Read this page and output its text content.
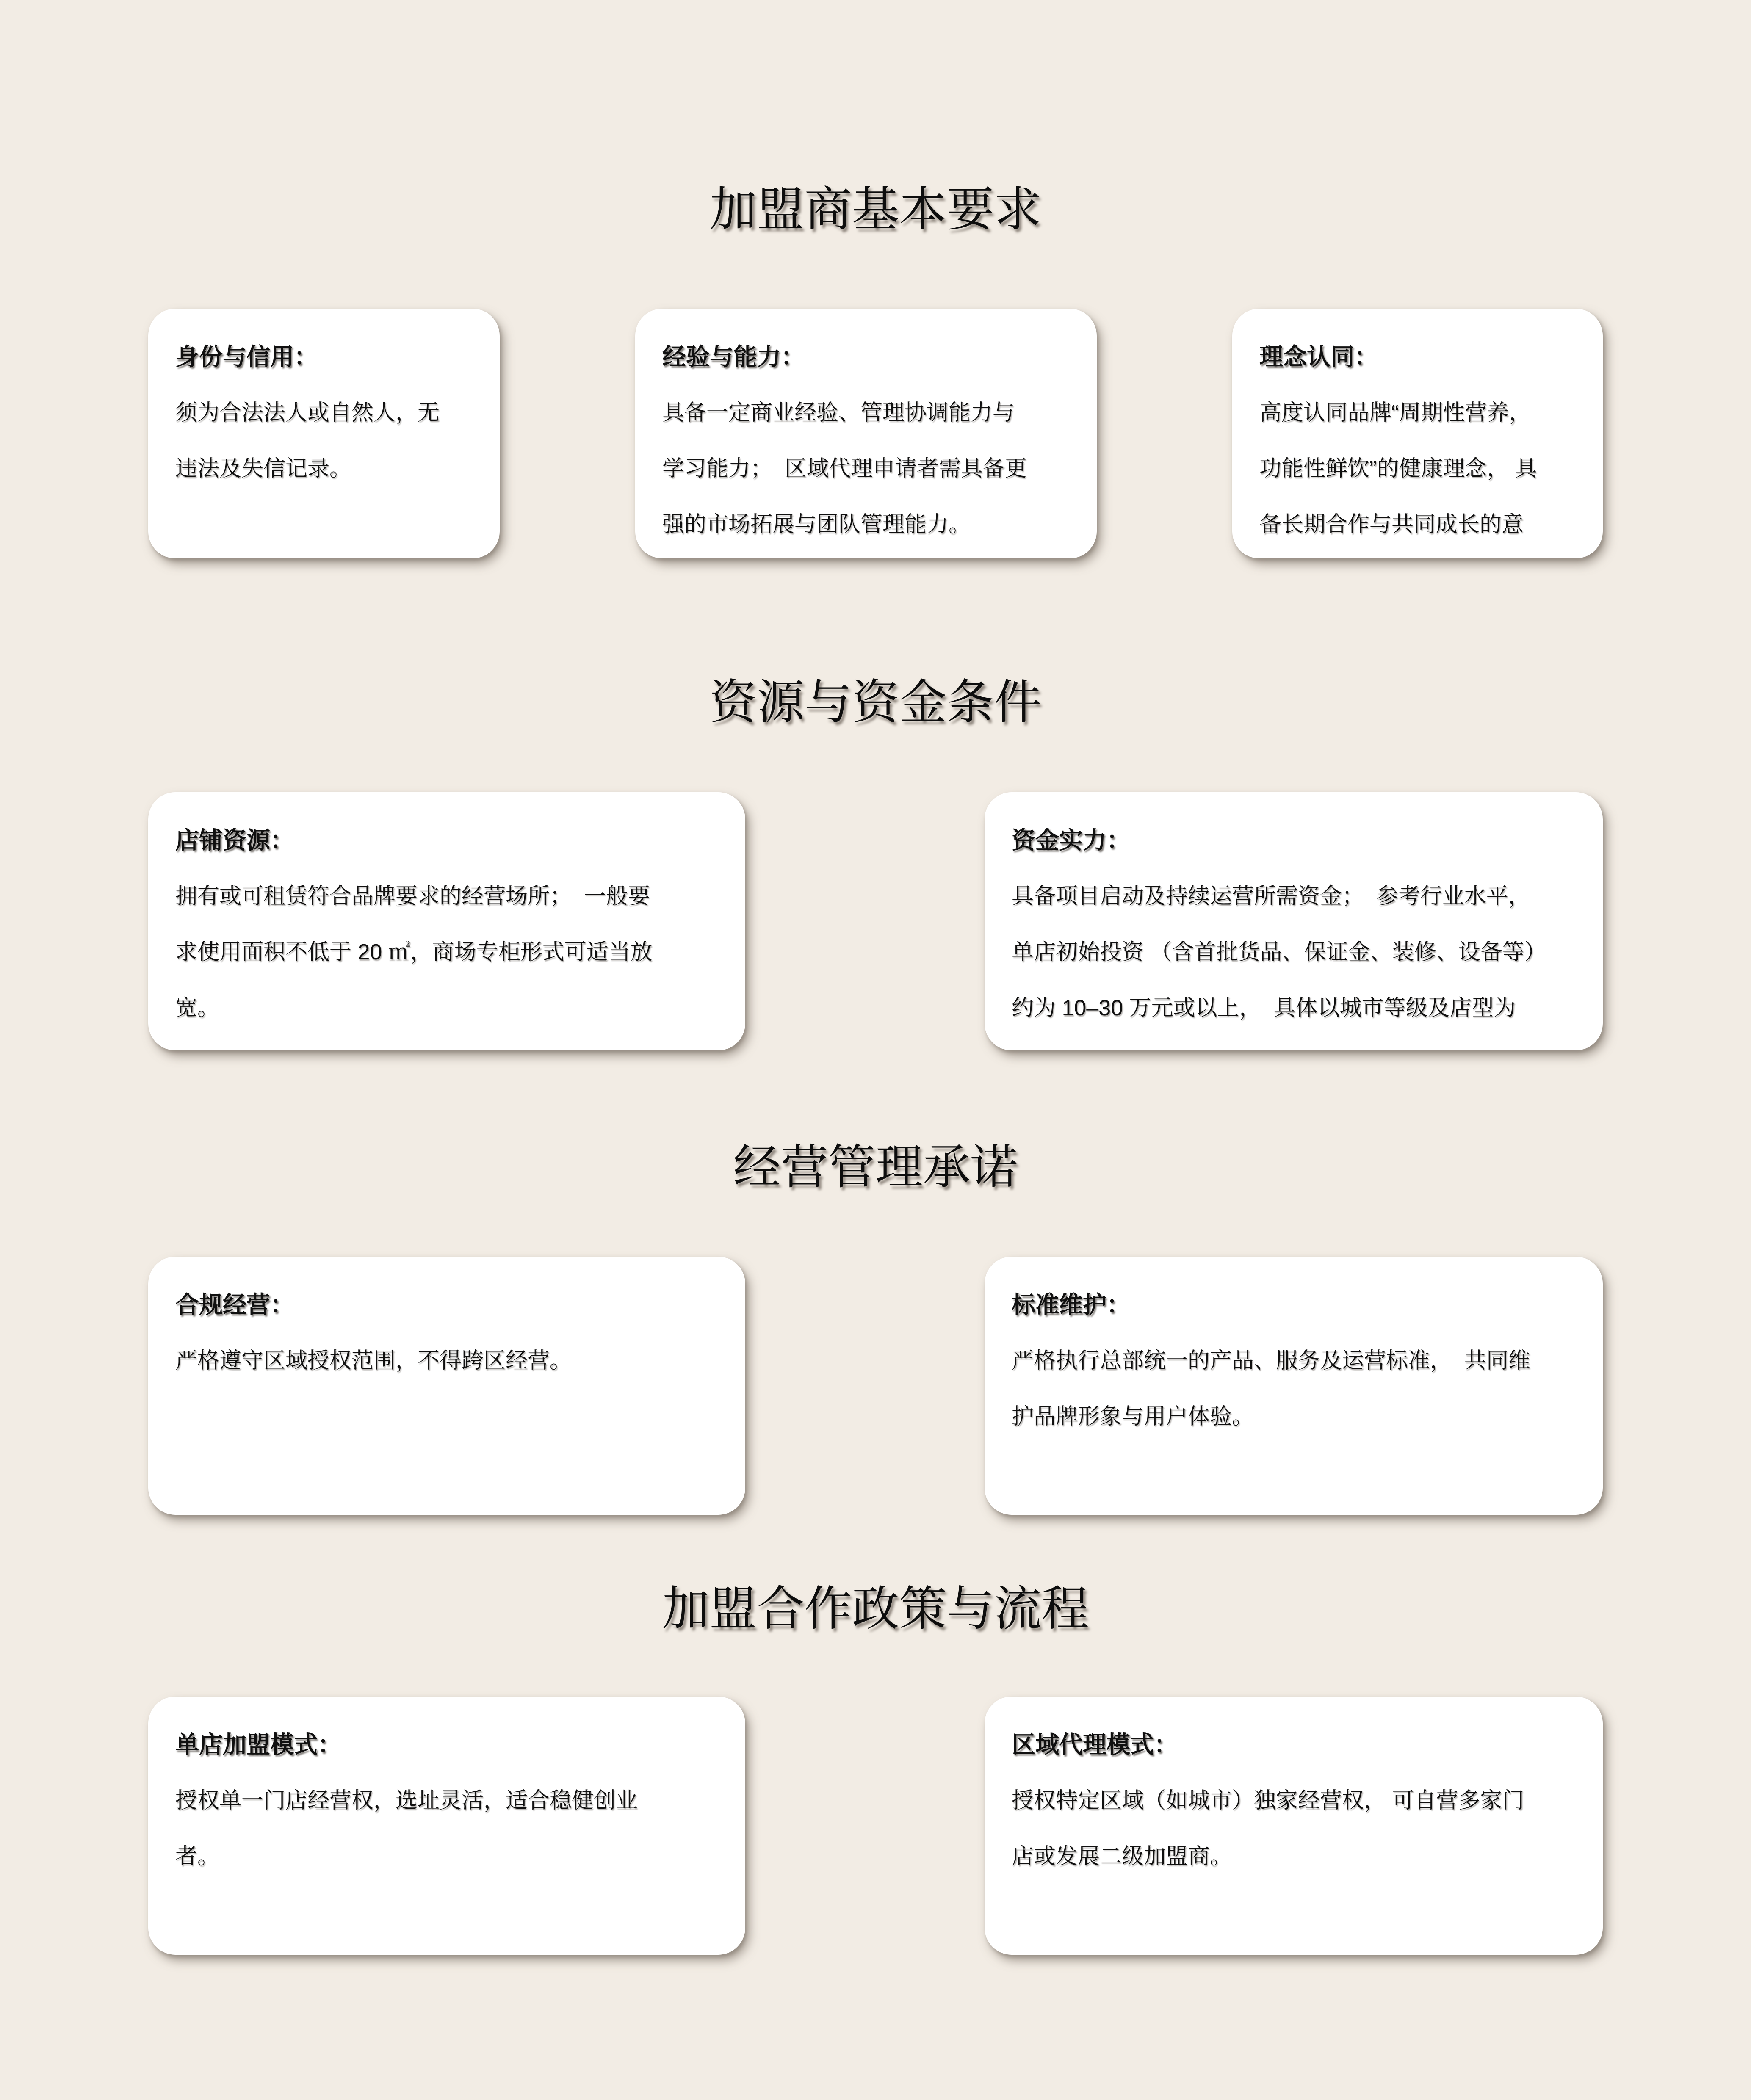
加盟商基本要求
身份与信用：
须为合法法人或自然人，无
违法及失信记录。
经验与能力：
具备一定商业经验、管理协调能力与
学习能力；  区域代理申请者需具备更
强的市场拓展与团队管理能力。
理念认同：
高度认同品牌“周期性营养，
功能性鲜饮”的健康理念， 具
备长期合作与共同成长的意
资源与资金条件
店铺资源：
拥有或可租赁符合品牌要求的经营场所；  一般要
求使用面积不低于 20 ㎡，商场专柜形式可适当放
宽。
资金实力：
具备项目启动及持续运营所需资金；  参考行业水平，
单店初始投资 （含首批货品、保证金、装修、设备等）
约为 10–30 万元或以上，  具体以城市等级及店型为
经营管理承诺
合规经营：
严格遵守区域授权范围，不得跨区经营。
标准维护：
严格执行总部统一的产品、服务及运营标准，  共同维
护品牌形象与用户体验。
加盟合作政策与流程
单店加盟模式：
授权单一门店经营权，选址灵活，适合稳健创业
者。
区域代理模式：
授权特定区域（如城市）独家经营权， 可自营多家门
店或发展二级加盟商。
